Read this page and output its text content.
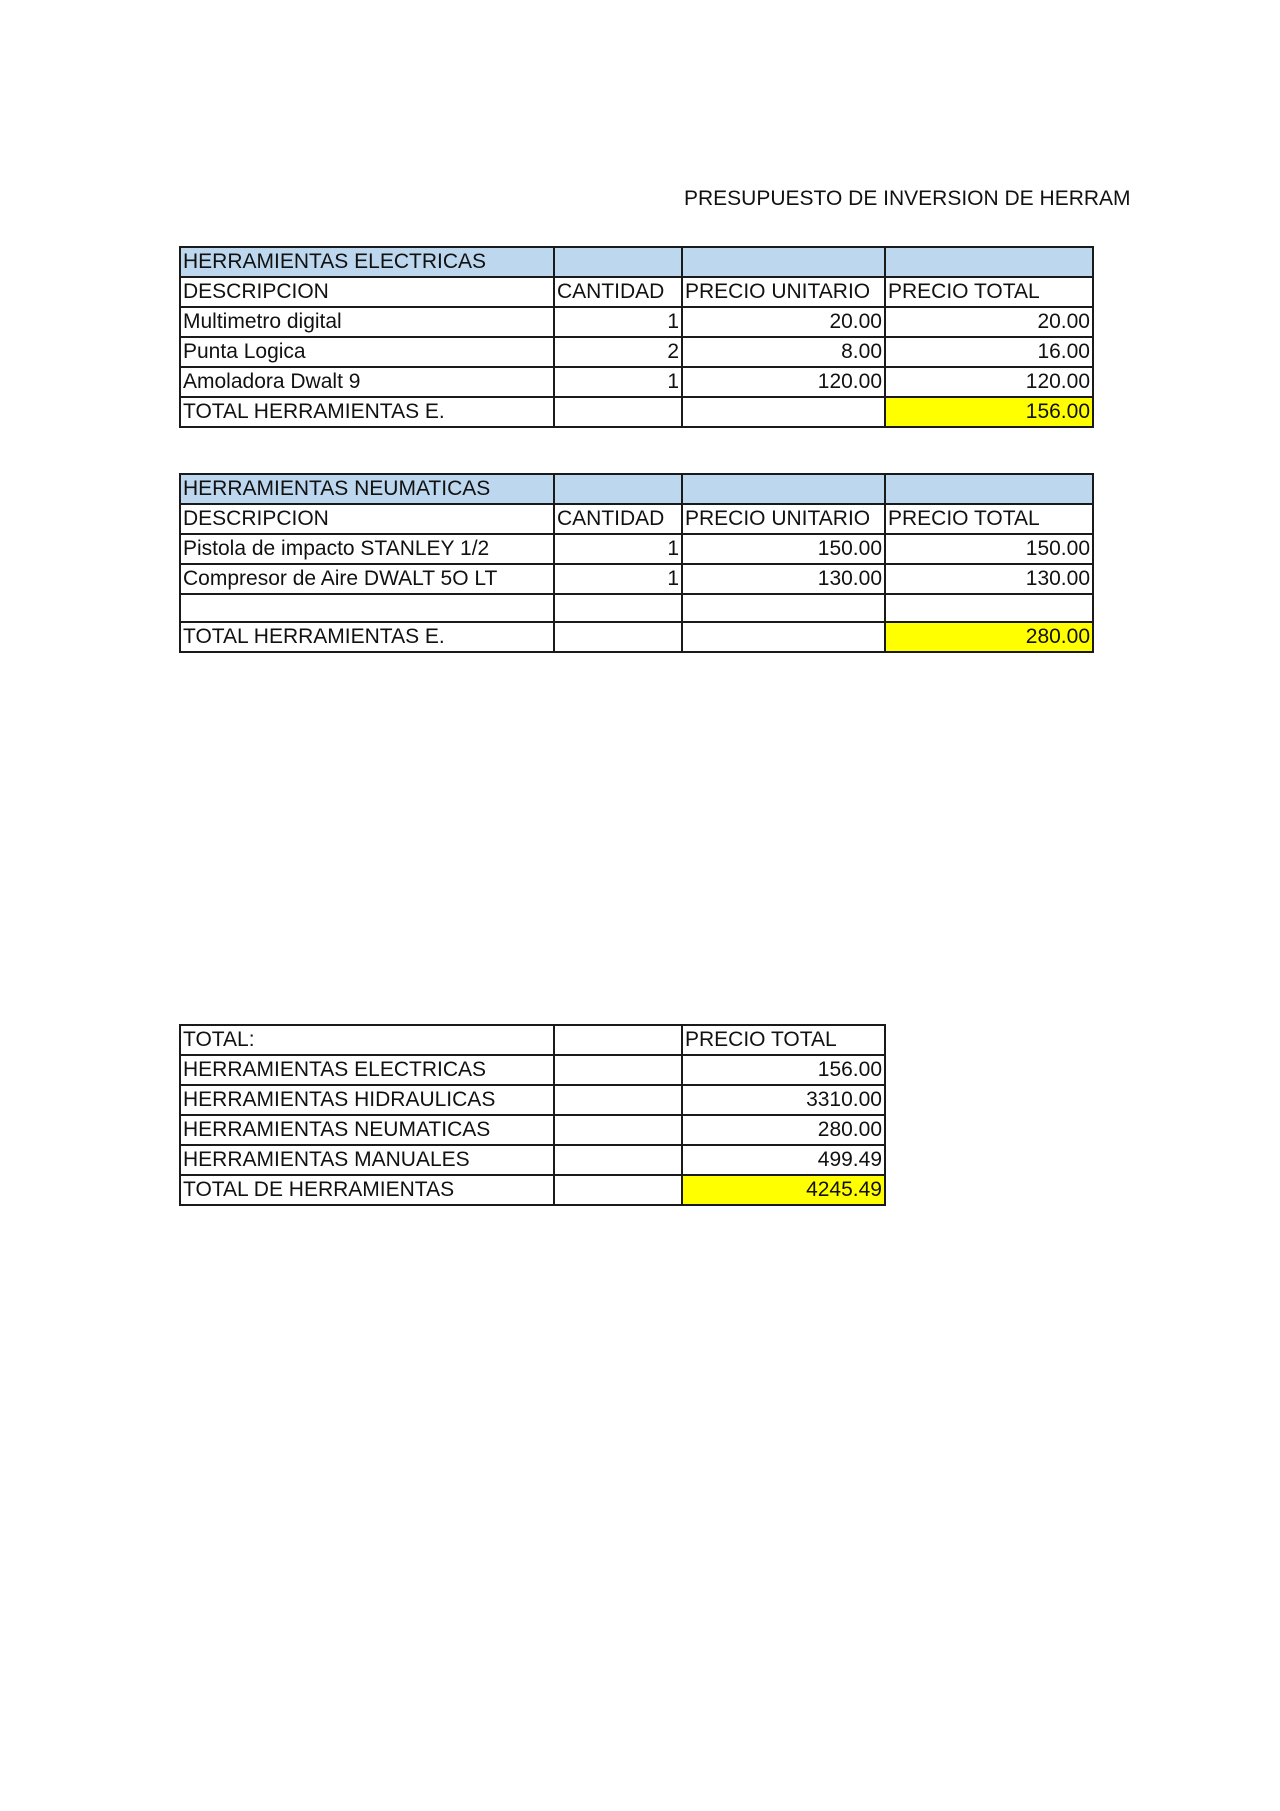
PRESUPUESTO DE INVERSION DE HERRAM
HERRAMIENTAS ELECTRICAS			
DESCRIPCION	CANTIDAD	PRECIO UNITARIO	PRECIO TOTAL
Multimetro digital	1	20.00	20.00
Punta Logica	2	8.00	16.00
Amoladora Dwalt 9	1	120.00	120.00
TOTAL HERRAMIENTAS E.			156.00
HERRAMIENTAS NEUMATICAS			
DESCRIPCION	CANTIDAD	PRECIO UNITARIO	PRECIO TOTAL
Pistola de impacto STANLEY 1/2	1	150.00	150.00
Compresor de Aire DWALT 5O LT	1	130.00	130.00

TOTAL HERRAMIENTAS E.			280.00
TOTAL:		PRECIO TOTAL
HERRAMIENTAS ELECTRICAS		156.00
HERRAMIENTAS HIDRAULICAS		3310.00
HERRAMIENTAS NEUMATICAS		280.00
HERRAMIENTAS MANUALES		499.49
TOTAL DE HERRAMIENTAS		4245.49
